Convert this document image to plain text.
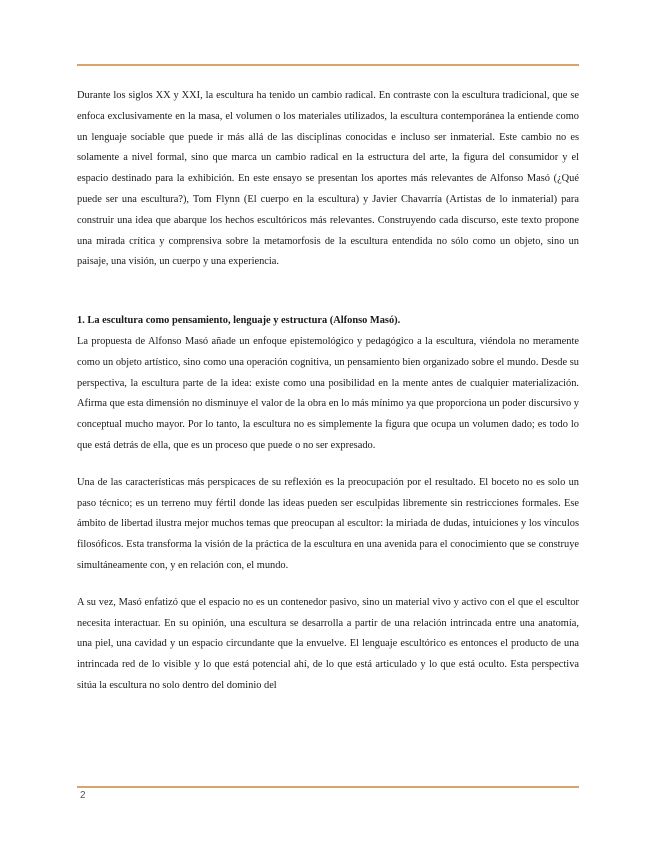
Durante los siglos XX y XXI, la escultura ha tenido un cambio radical. En contraste con la escultura tradicional, que se enfoca exclusivamente en la masa, el volumen o los materiales utilizados, la escultura contemporánea la entiende como un lenguaje sociable que puede ir más allá de las disciplinas conocidas e incluso ser inmaterial. Este cambio no es solamente a nivel formal, sino que marca un cambio radical en la estructura del arte, la figura del consumidor y el espacio destinado para la exhibición. En este ensayo se presentan los aportes más relevantes de Alfonso Masó (¿Qué puede ser una escultura?), Tom Flynn (El cuerpo en la escultura) y Javier Chavarría (Artistas de lo inmaterial) para construir una idea que abarque los hechos escultóricos más relevantes. Construyendo cada discurso, este texto propone una mirada crítica y comprensiva sobre la metamorfosis de la escultura entendida no sólo como un objeto, sino un paisaje, una visión, un cuerpo y una experiencia.

1. La escultura como pensamiento, lenguaje y estructura (Alfonso Masó).

La propuesta de Alfonso Masó añade un enfoque epistemológico y pedagógico a la escultura, viéndola no meramente como un objeto artístico, sino como una operación cognitiva, un pensamiento bien organizado sobre el mundo. Desde su perspectiva, la escultura parte de la idea: existe como una posibilidad en la mente antes de cualquier materialización. Afirma que esta dimensión no disminuye el valor de la obra en lo más mínimo ya que proporciona un poder discursivo y conceptual mucho mayor. Por lo tanto, la escultura no es simplemente la figura que ocupa un volumen dado; es todo lo que está detrás de ella, que es un proceso que puede o no ser expresado.

Una de las características más perspicaces de su reflexión es la preocupación por el resultado. El boceto no es solo un paso técnico; es un terreno muy fértil donde las ideas pueden ser esculpidas libremente sin restricciones formales. Ese ámbito de libertad ilustra mejor muchos temas que preocupan al escultor: la miriada de dudas, intuiciones y los vínculos filosóficos. Esta transforma la visión de la práctica de la escultura en una avenida para el conocimiento que se construye simultáneamente con, y en relación con, el mundo.

A su vez, Masó enfatizó que el espacio no es un contenedor pasivo, sino un material vivo y activo con el que el escultor necesita interactuar. En su opinión, una escultura se desarrolla a partir de una relación intrincada entre una anatomía, una piel, una cavidad y un espacio circundante que la envuelve. El lenguaje escultórico es entonces el producto de una intrincada red de lo visible y lo que está potencial ahí, de lo que está articulado y lo que está oculto. Esta perspectiva sitúa la escultura no solo dentro del dominio del

2
